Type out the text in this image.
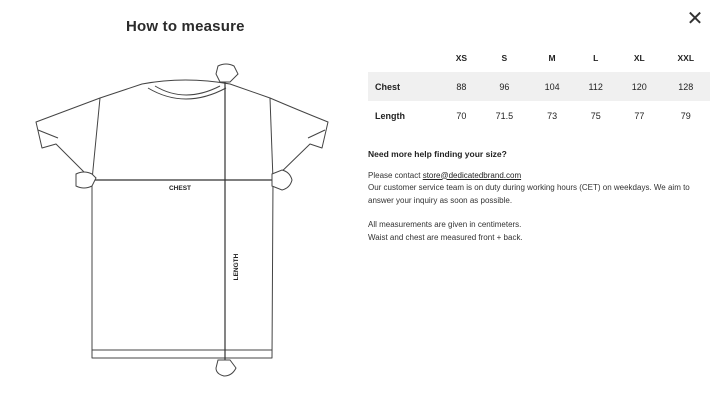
How to measure	✕
CHEST
LENGTH
	XS	S	M	L	XL	XXL
Chest	88	96	104	112	120	128
Length	70	71.5	73	75	77	79
Need more help finding your size?
Please contact store@dedicatedbrand.com
Our customer service team is on duty during working hours (CET) on weekdays. We aim to answer your inquiry as soon as possible.
All measurements are given in centimeters.
Waist and chest are measured front + back.
